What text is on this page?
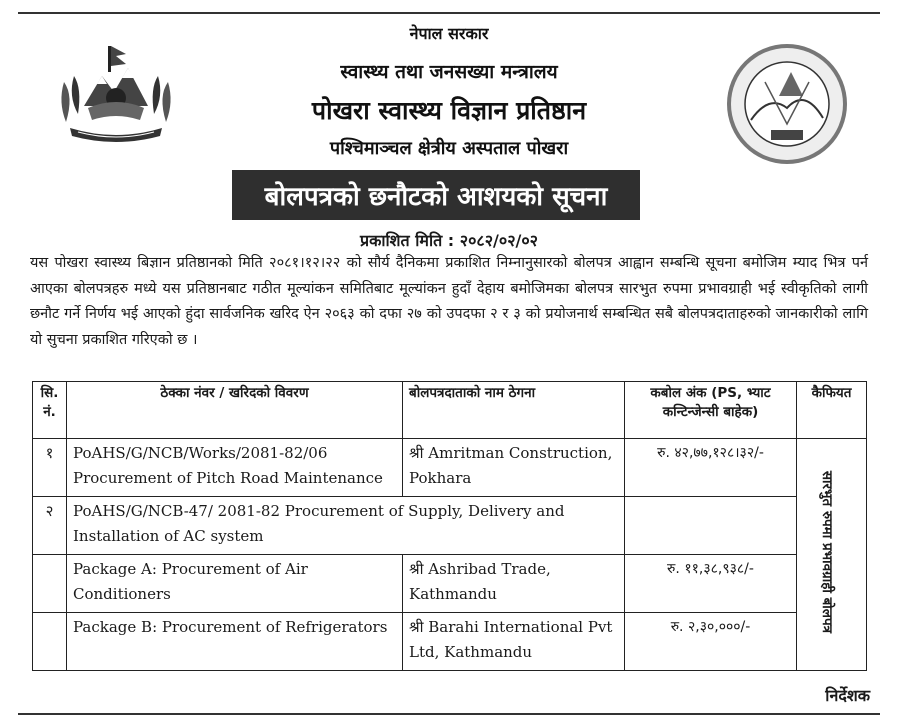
नेपाल सरकार
स्वास्थ्य तथा जनसख्या मन्त्रालय
पोखरा स्वास्थ्य विज्ञान प्रतिष्ठान
पश्चिमाञ्चल क्षेत्रीय अस्पताल पोखरा
बोलपत्रको छनौटको आशयको सूचना
प्रकाशित मिति : २०८२/०२/०२
यस पोखरा स्वास्थ्य बिज्ञान प्रतिष्ठानको मिति २०८१।१२।२२ को सौर्य दैनिकमा प्रकाशित निम्नानुसारको बोलपत्र आह्वान सम्बन्धि सूचना बमोजिम म्याद भित्र पर्न आएका बोलपत्रहरु मध्ये यस प्रतिष्ठानबाट गठीत मूल्यांकन समितिबाट मूल्यांकन हुदाँ देहाय बमोजिमका बोलपत्र सारभुत रुपमा प्रभावग्राही भई स्वीकृतिको लागी छनौट गर्ने निर्णय भई आएको हुंदा सार्वजनिक खरिद ऐन २०६३ को दफा २७ को उपदफा २ र ३ को प्रयोजनार्थ सम्बन्धित सबै बोलपत्रदाताहरुको जानकारीको लागि यो सुचना प्रकाशित गरिएको छ ।
सि. नं.	ठेक्का नंवर / खरिदको विवरण	बोलपत्रदाताको नाम ठेगना	कबोल अंक (PS, भ्याट कन्टिन्जेन्सी बाहेक)	कैफियत
१	PoAHS/G/NCB/Works/2081-82/06 Procurement of Pitch Road Maintenance	श्री Amritman Construction, Pokhara	रु. ४२,७७,१२८।३२/-	सारभुत रुपमा प्रभावग्राही बोलपत्र

२	PoAHS/G/NCB-47/ 2081-82 Procurement of Supply, Delivery and Installation of AC system			
	Package A: Procurement of Air Conditioners	श्री Ashribad Trade, Kathmandu	रु. ११,३८,९३८/-	
	Package B: Procurement of Refrigerators	श्री Barahi International Pvt Ltd, Kathmandu	रु. २,३०,०००/-	
निर्देशक
